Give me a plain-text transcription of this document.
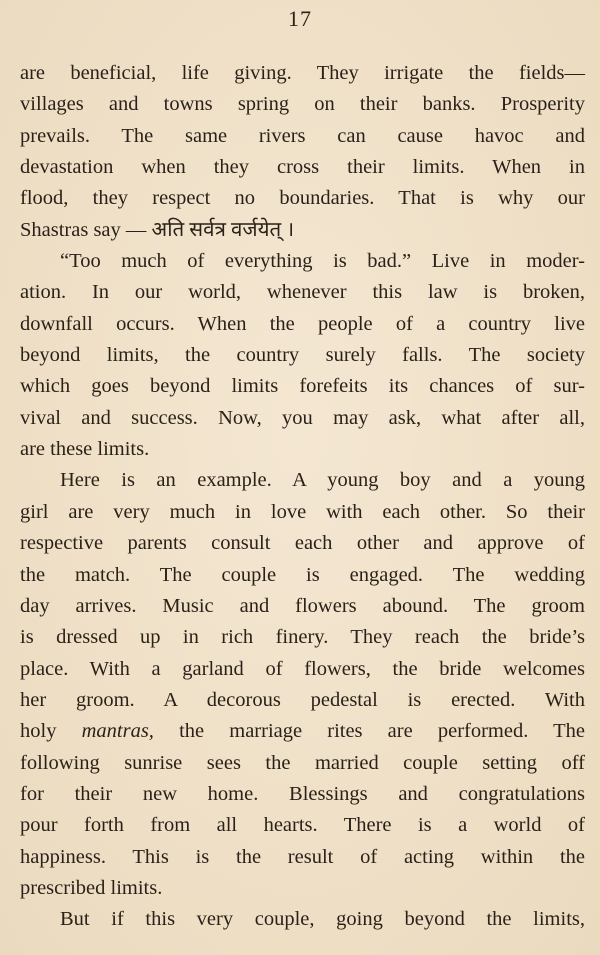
17
are beneficial, life giving. They irrigate the fields—
villages and towns spring on their banks. Prosperity
prevails. The same rivers can cause havoc and
devastation when they cross their limits. When in
flood, they respect no boundaries. That is why our
Shastras say — अति सर्वत्र वर्जयेत् ।
“Too much of everything is bad.” Live in moder-
ation. In our world, whenever this law is broken,
downfall occurs. When the people of a country live
beyond limits, the country surely falls. The society
which goes beyond limits forefeits its chances of sur-
vival and success. Now, you may ask, what after all,
are these limits.
Here is an example. A young boy and a young
girl are very much in love with each other. So their
respective parents consult each other and approve of
the match. The couple is engaged. The wedding
day arrives. Music and flowers abound. The groom
is dressed up in rich finery. They reach the bride’s
place. With a garland of flowers, the bride welcomes
her groom. A decorous pedestal is erected. With
holy mantras, the marriage rites are performed. The
following sunrise sees the married couple setting off
for their new home. Blessings and congratulations
pour forth from all hearts. There is a world of
happiness. This is the result of acting within the
prescribed limits.
But if this very couple, going beyond the limits,
